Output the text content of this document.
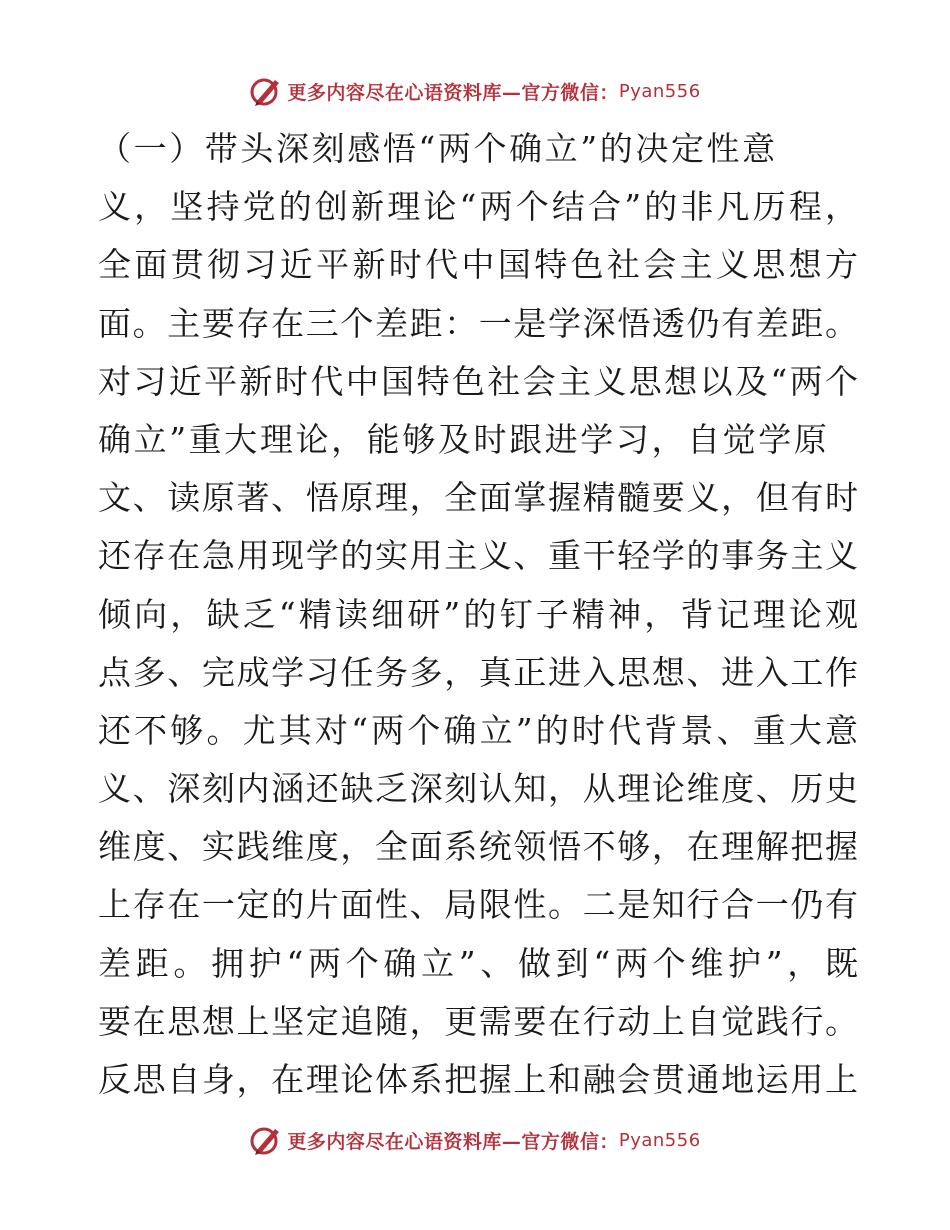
更多内容尽在心语资料库—官方微信： Pyan556
（一）带头深刻感悟“两个确立”的决定性意
义，坚持党的创新理论“两个结合”的非凡历程，
全面贯彻习近平新时代中国特色社会主义思想方
面。主要存在三个差距：一是学深悟透仍有差距。
对习近平新时代中国特色社会主义思想以及“两个
确立”重大理论，能够及时跟进学习，自觉学原
文、读原著、悟原理，全面掌握精髓要义，但有时
还存在急用现学的实用主义、重干轻学的事务主义
倾向，缺乏“精读细研”的钉子精神，背记理论观
点多、完成学习任务多，真正进入思想、进入工作
还不够。尤其对“两个确立”的时代背景、重大意
义、深刻内涵还缺乏深刻认知，从理论维度、历史
维度、实践维度，全面系统领悟不够，在理解把握
上存在一定的片面性、局限性。二是知行合一仍有
差距。拥护“两个确立”、做到“两个维护”，既
要在思想上坚定追随，更需要在行动上自觉践行。
反思自身，在理论体系把握上和融会贯通地运用上
更多内容尽在心语资料库—官方微信： Pyan556
